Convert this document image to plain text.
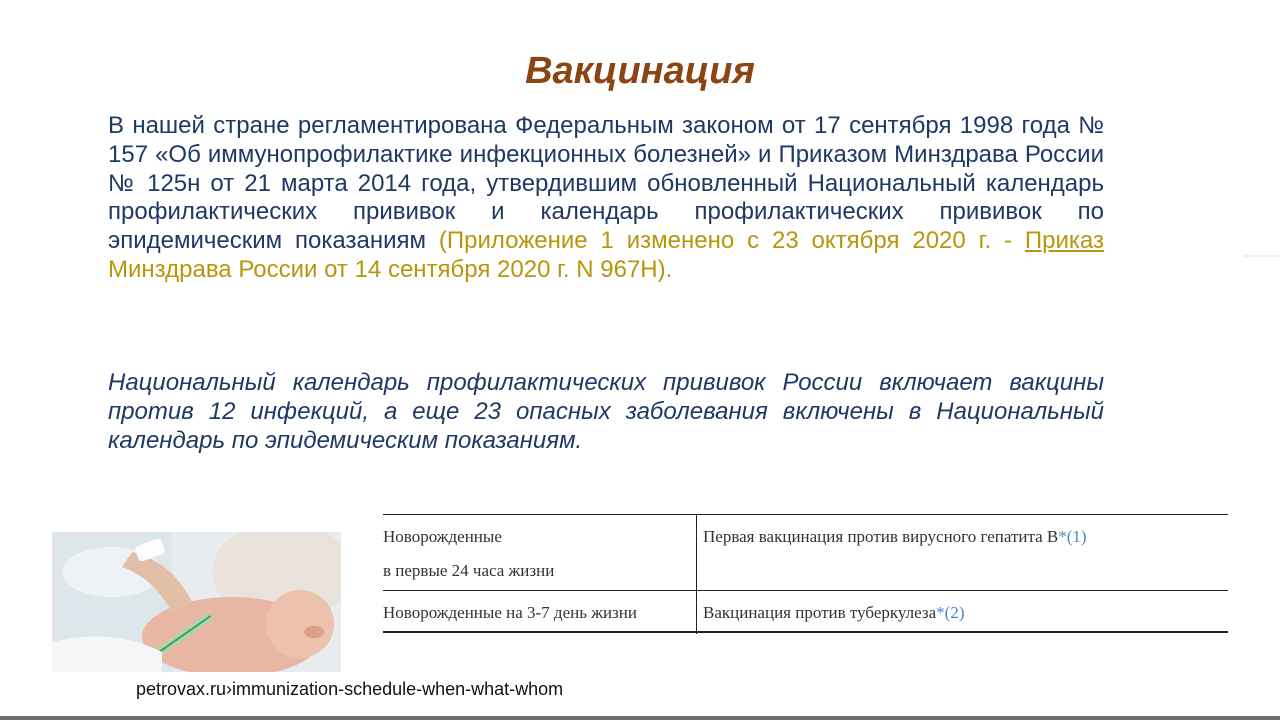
Вакцинация
В нашей стране регламентирована Федеральным законом от 17 сентября 1998 года № 157 «Об иммунопрофилактике инфекционных болезней» и Приказом Минздрава России № 125н от 21 марта 2014 года, утвердившим обновленный Национальный календарь профилактических прививок и календарь профилактических прививок по эпидемическим показаниям (Приложение 1 изменено с 23 октября 2020 г. - Приказ Минздрава России от 14 сентября 2020 г. N 967Н).
Национальный календарь профилактических прививок России включает вакцины против 12 инфекций, а еще 23 опасных заболевания включены в Национальный календарь по эпидемическим показаниям.
Новорожденные
в первые 24 часа жизни
Первая вакцинация против вирусного гепатита В*(1)
Новорожденные на 3-7 день жизни	Вакцинация против туберкулеза*(2)
petrovax.ru›immunization-schedule-when-what-whom
